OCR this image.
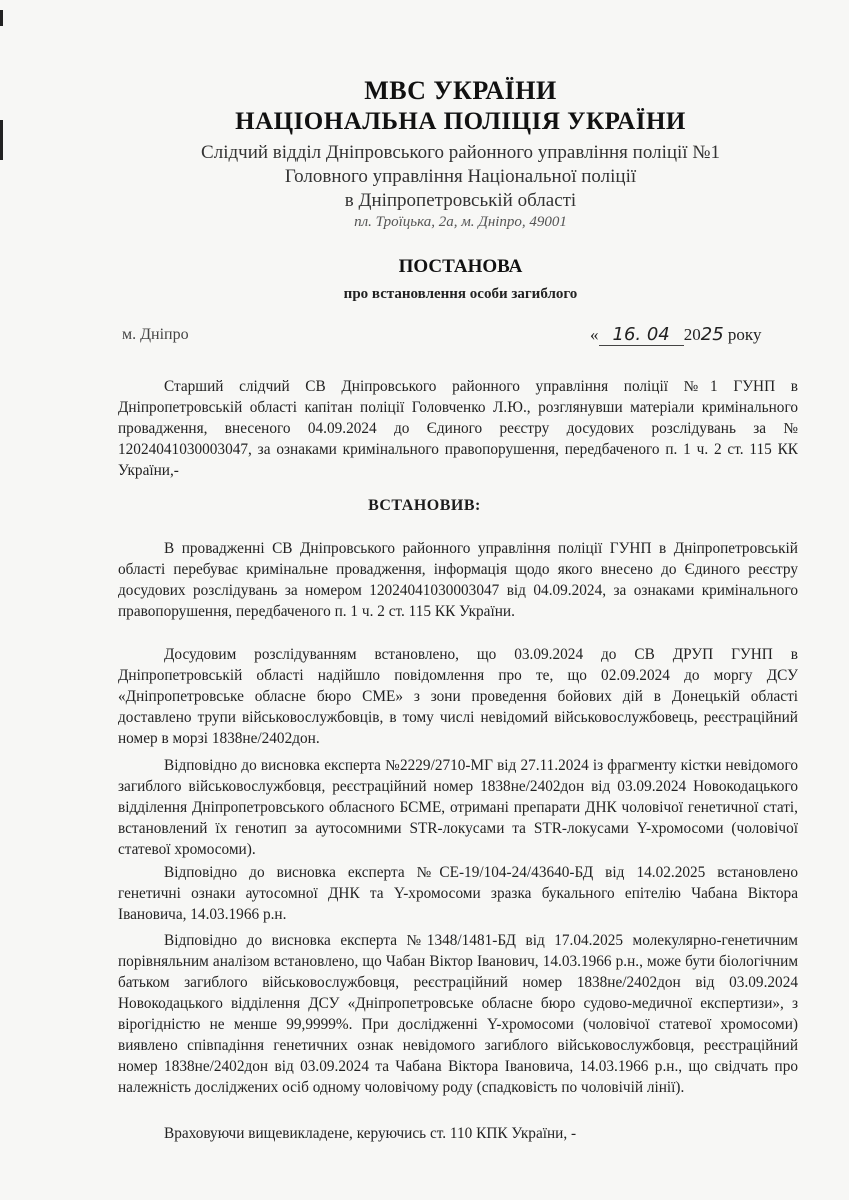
МВС УКРАЇНИ
НАЦІОНАЛЬНА ПОЛІЦІЯ УКРАЇНИ
Слідчий відділ Дніпровського районного управління поліції №1
Головного управління Національної поліції
в Дніпропетровській області
пл. Троїцька, 2а, м. Дніпро, 49001
ПОСТАНОВА
про встановлення особи загиблого
м. Дніпро	« 16. 04 2025 року
Старший слідчий СВ Дніпровського районного управління поліції №1 ГУНП в Дніпропетровській області капітан поліції Головченко Л.Ю., розглянувши матеріали кримінального провадження, внесеного 04.09.2024 до Єдиного реєстру досудових розслідувань за № 12024041030003047, за ознаками кримінального правопорушення, передбаченого п. 1 ч. 2 ст. 115 КК України,-
ВСТАНОВИВ:
В провадженні СВ Дніпровського районного управління поліції ГУНП в Дніпропетровській області перебуває кримінальне провадження, інформація щодо якого внесено до Єдиного реєстру досудових розслідувань за номером 12024041030003047 від 04.09.2024, за ознаками кримінального правопорушення, передбаченого п. 1 ч. 2 ст. 115 КК України.
Досудовим розслідуванням встановлено, що 03.09.2024 до СВ ДРУП ГУНП в Дніпропетровській області надійшло повідомлення про те, що 02.09.2024 до моргу ДСУ «Дніпропетровське обласне бюро СМЕ» з зони проведення бойових дій в Донецькій області доставлено трупи військовослужбовців, в тому числі невідомий військовослужбовець, реєстраційний номер в морзі 1838не/2402дон.
Відповідно до висновка експерта №2229/2710-МГ від 27.11.2024 із фрагменту кістки невідомого загиблого військовослужбовця, реєстраційний номер 1838не/2402дон від 03.09.2024 Новокодацького відділення Дніпропетровського обласного БСМЕ, отримані препарати ДНК чоловічої генетичної статі, встановлений їх генотип за аутосомними STR-локусами та STR-локусами Y-хромосоми (чоловічої статевої хромосоми).
Відповідно до висновка експерта №СЕ-19/104-24/43640-БД від 14.02.2025 встановлено генетичні ознаки аутосомної ДНК та Y-хромосоми зразка букального епітелію Чабана Віктора Івановича, 14.03.1966 р.н.
Відповідно до висновка експерта №1348/1481-БД від 17.04.2025 молекулярно-генетичним порівняльним аналізом встановлено, що Чабан Віктор Іванович, 14.03.1966 р.н., може бути біологічним батьком загиблого військовослужбовця, реєстраційний номер 1838не/2402дон від 03.09.2024 Новокодацького відділення ДСУ «Дніпропетровське обласне бюро судово-медичної експертизи», з вірогідністю не менше 99,9999%. При дослідженні Y-хромосоми (чоловічої статевої хромосоми) виявлено співпадіння генетичних ознак невідомого загиблого військовослужбовця, реєстраційний номер 1838не/2402дон від 03.09.2024 та Чабана Віктора Івановича, 14.03.1966 р.н., що свідчать про належність досліджених осіб одному чоловічому роду (спадковість по чоловічій лінії).
Враховуючи вищевикладене, керуючись ст. 110 КПК України, -
